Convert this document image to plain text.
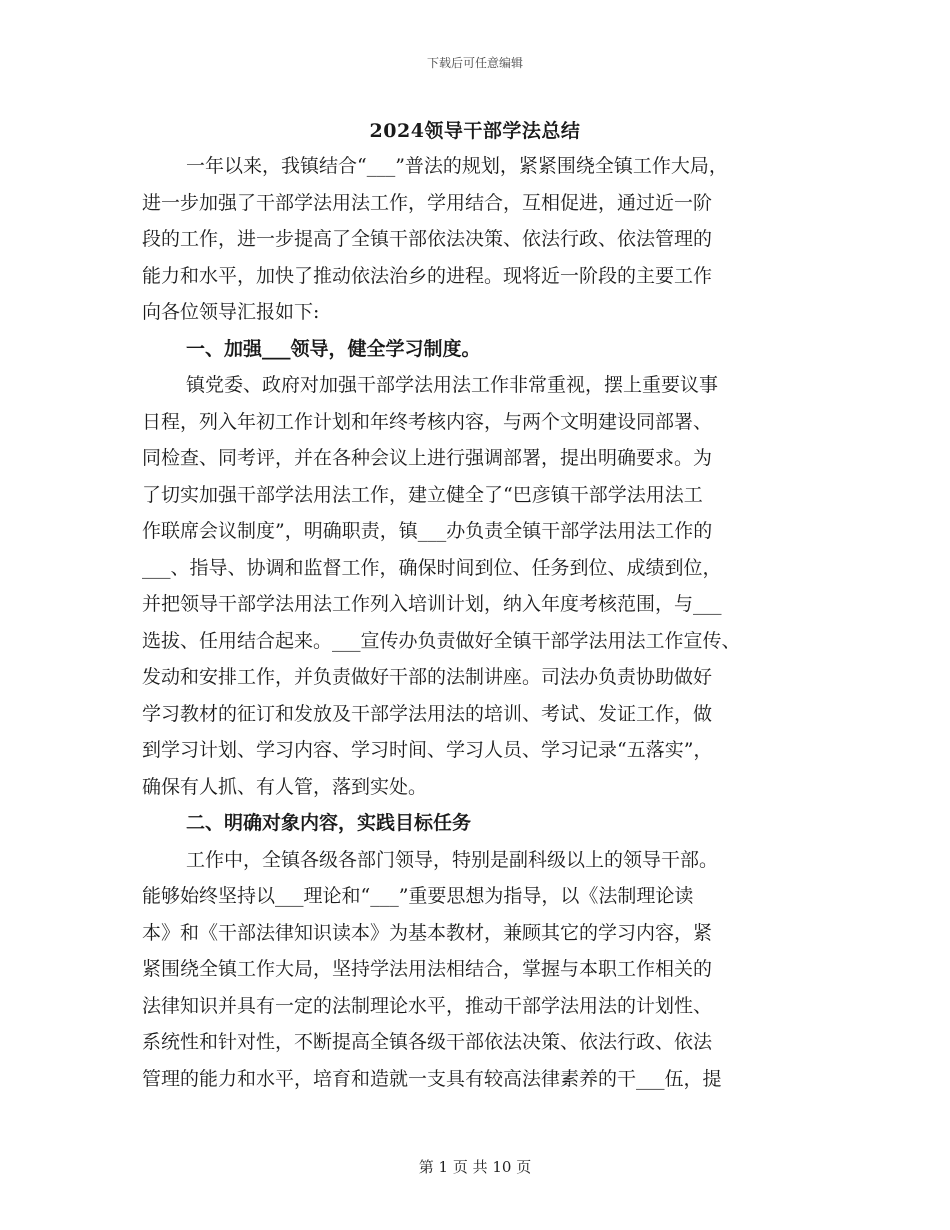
下载后可任意编辑
2024领导干部学法总结
一年以来，我镇结合“___”普法的规划，紧紧围绕全镇工作大局，
进一步加强了干部学法用法工作，学用结合，互相促进，通过近一阶
段的工作，进一步提高了全镇干部依法决策、依法行政、依法管理的
能力和水平，加快了推动依法治乡的进程。现将近一阶段的主要工作
向各位领导汇报如下:
一、加强___领导，健全学习制度。
镇党委、政府对加强干部学法用法工作非常重视，摆上重要议事
日程，列入年初工作计划和年终考核内容，与两个文明建设同部署、
同检查、同考评，并在各种会议上进行强调部署，提出明确要求。为
了切实加强干部学法用法工作，建立健全了“巴彦镇干部学法用法工
作联席会议制度”，明确职责，镇___办负责全镇干部学法用法工作的
___、指导、协调和监督工作，确保时间到位、任务到位、成绩到位，
并把领导干部学法用法工作列入培训计划，纳入年度考核范围，与___
选拔、任用结合起来。___宣传办负责做好全镇干部学法用法工作宣传、
发动和安排工作，并负责做好干部的法制讲座。司法办负责协助做好
学习教材的征订和发放及干部学法用法的培训、考试、发证工作，做
到学习计划、学习内容、学习时间、学习人员、学习记录“五落实”，
确保有人抓、有人管，落到实处。
二、明确对象内容，实践目标任务
工作中，全镇各级各部门领导，特别是副科级以上的领导干部。
能够始终坚持以___理论和“___”重要思想为指导，以《法制理论读
本》和《干部法律知识读本》为基本教材，兼顾其它的学习内容，紧
紧围绕全镇工作大局，坚持学法用法相结合，掌握与本职工作相关的
法律知识并具有一定的法制理论水平，推动干部学法用法的计划性、
系统性和针对性，不断提高全镇各级干部依法决策、依法行政、依法
管理的能力和水平，培育和造就一支具有较高法律素养的干___伍，提
第 1 页 共 10 页
